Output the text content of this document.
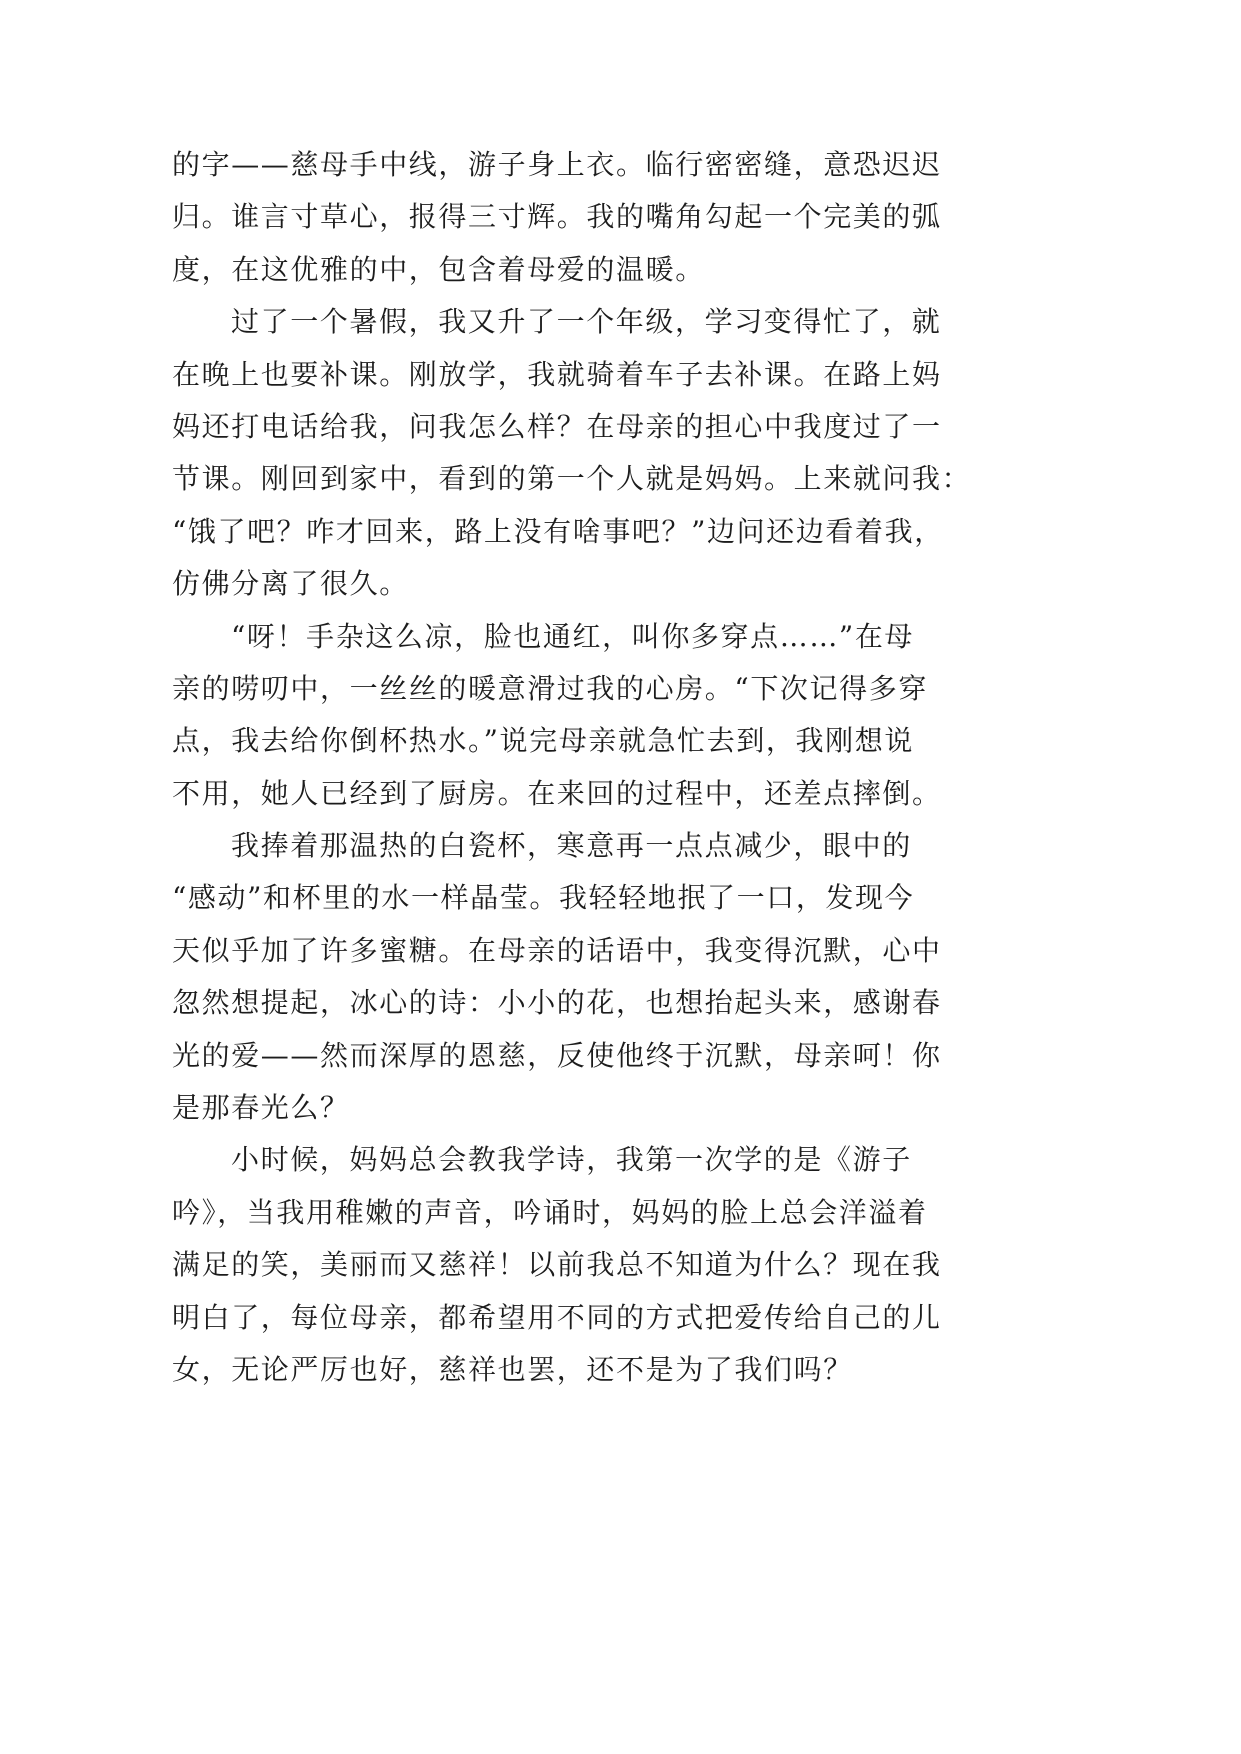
的字——慈母手中线，游子身上衣。临行密密缝，意恐迟迟
归。谁言寸草心，报得三寸辉。我的嘴角勾起一个完美的弧
度，在这优雅的中，包含着母爱的温暖。
过了一个暑假，我又升了一个年级，学习变得忙了，就
在晚上也要补课。刚放学，我就骑着车子去补课。在路上妈
妈还打电话给我，问我怎么样？在母亲的担心中我度过了一
节课。刚回到家中，看到的第一个人就是妈妈。上来就问我：
“饿了吧？咋才回来，路上没有啥事吧？”边问还边看着我，
仿佛分离了很久。
“呀！手杂这么凉，脸也通红，叫你多穿点……”在母
亲的唠叨中，一丝丝的暖意滑过我的心房。“下次记得多穿
点，我去给你倒杯热水。”说完母亲就急忙去到，我刚想说
不用，她人已经到了厨房。在来回的过程中，还差点摔倒。
我捧着那温热的白瓷杯，寒意再一点点减少，眼中的
“感动”和杯里的水一样晶莹。我轻轻地抿了一口，发现今
天似乎加了许多蜜糖。在母亲的话语中，我变得沉默，心中
忽然想提起，冰心的诗：小小的花，也想抬起头来，感谢春
光的爱——然而深厚的恩慈，反使他终于沉默，母亲呵！你
是那春光么？
小时候，妈妈总会教我学诗，我第一次学的是《游子
吟》，当我用稚嫩的声音，吟诵时，妈妈的脸上总会洋溢着
满足的笑，美丽而又慈祥！以前我总不知道为什么？现在我
明白了，每位母亲，都希望用不同的方式把爱传给自己的儿
女，无论严厉也好，慈祥也罢，还不是为了我们吗？
